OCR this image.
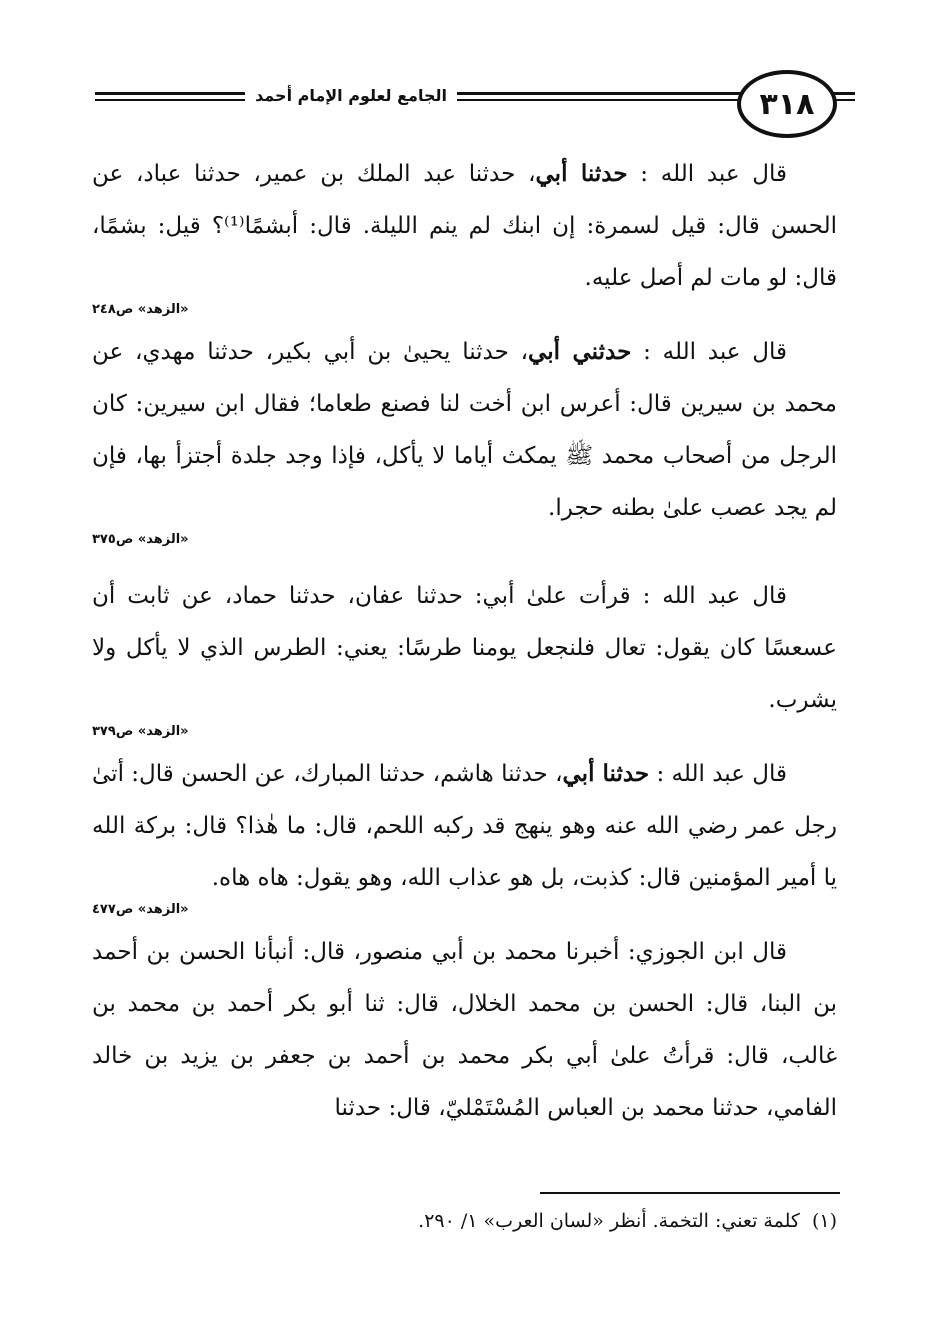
٣١٨
الجامع لعلوم الإمام أحمد

قال عبد الله : حدثنا أبي، حدثنا عبد الملك بن عمير، حدثنا عباد، عن الحسن قال: قيل لسمرة: إن ابنك لم ينم الليلة. قال: أبشمًا⁽¹⁾؟ قيل: بشمًا، قال: لو مات لم أصل عليه.

«الزهد» ص٢٤٨

قال عبد الله : حدثني أبي، حدثنا يحيىٰ بن أبي بكير، حدثنا مهدي، عن محمد بن سيرين قال: أعرس ابن أخت لنا فصنع طعاما؛ فقال ابن سيرين: كان الرجل من أصحاب محمد ﷺ يمكث أياما لا يأكل، فإذا وجد جلدة أجتزأ بها، فإن لم يجد عصب علىٰ بطنه حجرا.

«الزهد» ص٣٧٥

قال عبد الله : قرأت علىٰ أبي: حدثنا عفان، حدثنا حماد، عن ثابت أن عسعسًا كان يقول: تعال فلنجعل يومنا طرسًا: يعني: الطرس الذي لا يأكل ولا يشرب.

«الزهد» ص٣٧٩

قال عبد الله : حدثنا أبي، حدثنا هاشم، حدثنا المبارك، عن الحسن قال: أتىٰ رجل عمر رضي الله عنه وهو ينهج قد ركبه اللحم، قال: ما هٰذا؟ قال: بركة الله يا أمير المؤمنين قال: كذبت، بل هو عذاب الله، وهو يقول: هاه هاه.

«الزهد» ص٤٧٧

قال ابن الجوزي: أخبرنا محمد بن أبي منصور، قال: أنبأنا الحسن بن أحمد بن البنا، قال: الحسن بن محمد الخلال، قال: ثنا أبو بكر أحمد بن محمد بن غالب، قال: قرأتُ علىٰ أبي بكر محمد بن أحمد بن جعفر بن يزيد بن خالد الفامي، حدثنا محمد بن العباس المُسْتَمْليّ، قال: حدثنا

(١)كلمة تعني: التخمة. أنظر «لسان العرب» ١/ ٢٩٠.
